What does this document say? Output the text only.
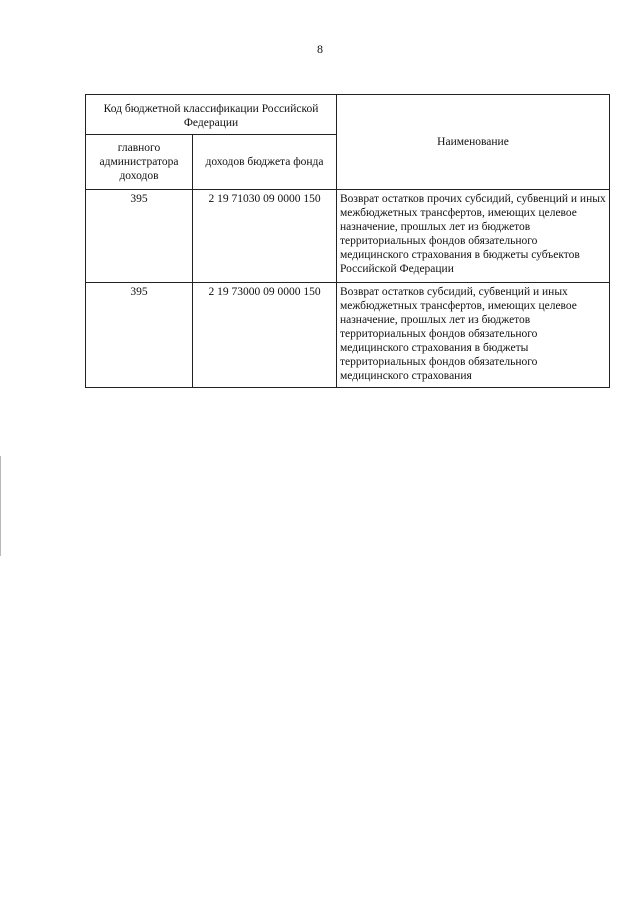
8
Код бюджетной классификации Российской Федерации		Наименование
главного администратора доходов	доходов бюджета фонда	
395	2 19 71030 09 0000 150	Возврат остатков прочих субсидий, субвенций и иных межбюджетных трансфертов, имеющих целевое назначение, прошлых лет из бюджетов территориальных фондов обязательного медицинского страхования в бюджеты субъектов Российской Федерации
395	2 19 73000 09 0000 150	Возврат остатков субсидий, субвенций и иных межбюджетных трансфертов, имеющих целевое назначение, прошлых лет из бюджетов территориальных фондов обязательного медицинского страхования в бюджеты территориальных фондов обязательного медицинского страхования
